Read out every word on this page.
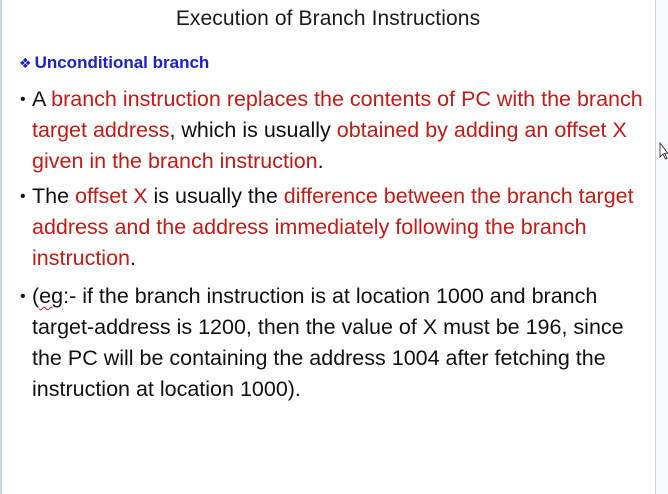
Execution of Branch Instructions
❖ Unconditional branch
• A branch instruction replaces the contents of PC with the branch target address, which is usually obtained by adding an offset X given in the branch instruction.
• The offset X is usually the difference between the branch target address and the address immediately following the branch instruction.
• (eg:- if the branch instruction is at location 1000 and branch target-address is 1200, then the value of X must be 196, since the PC will be containing the address 1004 after fetching the instruction at location 1000).
